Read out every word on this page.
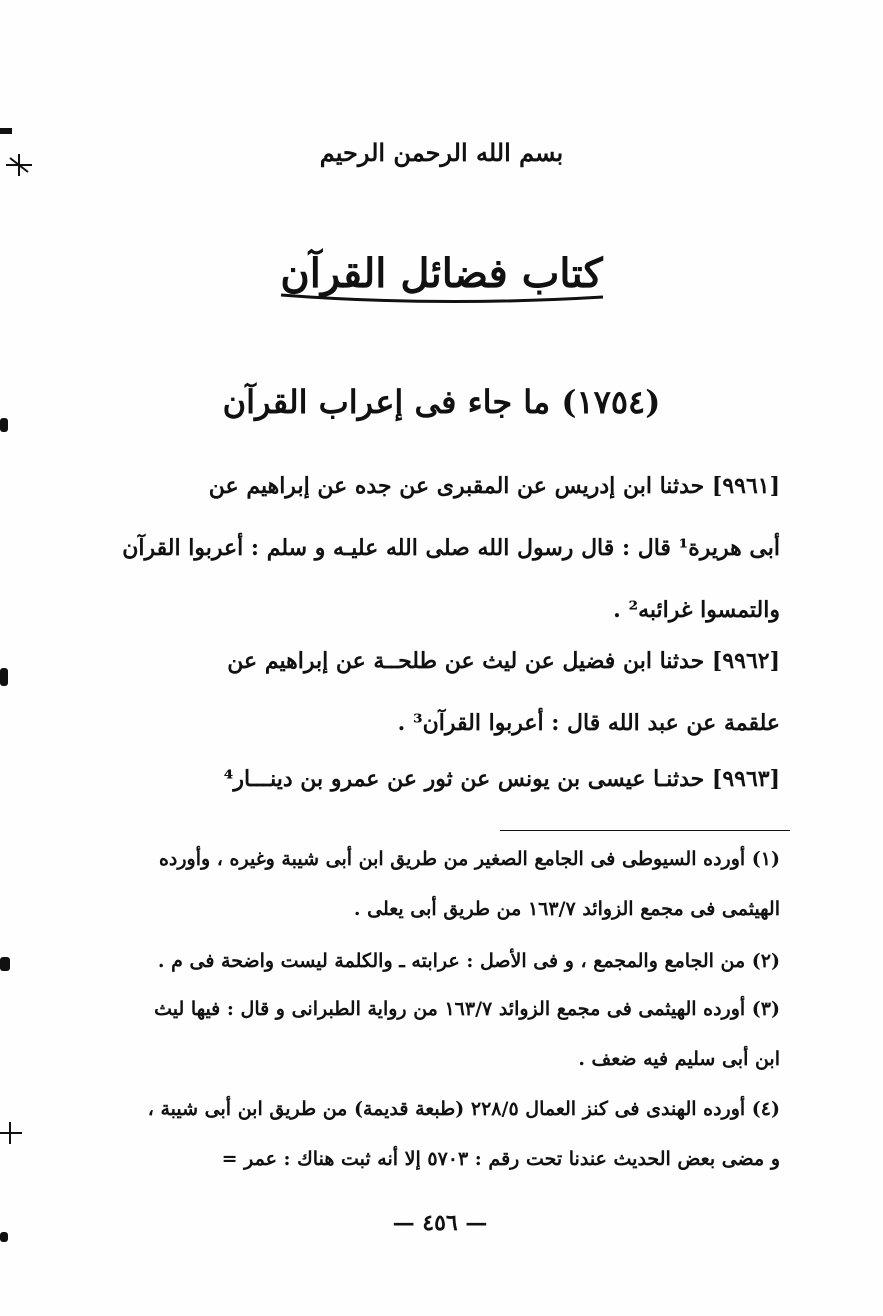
بسم الله الرحمن الرحيم
كتاب فضائل القرآن
(١٧٥٤) ما جاء فى إعراب القرآن
[٩٩٦١] حدثنا ابن إدريس عن المقبرى عن جده عن إبراهيم عن
أبى هريرة¹ قال : قال رسول الله صلى الله عليـه و سلم : أعربوا القرآن
والتمسوا غرائبه² .
[٩٩٦٢] حدثنا ابن فضيل عن ليث عن طلحــة عن إبراهيم عن
علقمة عن عبد الله قال : أعربوا القرآن³ .
[٩٩٦٣] حدثنـا عيسى بن يونس عن ثور عن عمرو بن دينـــار⁴
(١) أورده السيوطى فى الجامع الصغير من طريق ابن أبى شيبة وغيره ، وأورده
الهيثمى فى مجمع الزوائد ١٦٣/٧ من طريق أبى يعلى .
(٢) من الجامع والمجمع ، و فى الأصل : عرابته ـ والكلمة ليست واضحة فى م .
(٣) أورده الهيثمى فى مجمع الزوائد ١٦٣/٧ من رواية الطبرانى و قال : فيها ليث
ابن أبى سليم فيه ضعف .
(٤) أورده الهندى فى كنز العمال ٢٢٨/٥ (طبعة قديمة) من طريق ابن أبى شيبة ،
و مضى بعض الحديث عندنا تحت رقم : ٥٧٠٣ إلا أنه ثبت هناك : عمر =
— ٤٥٦ —
